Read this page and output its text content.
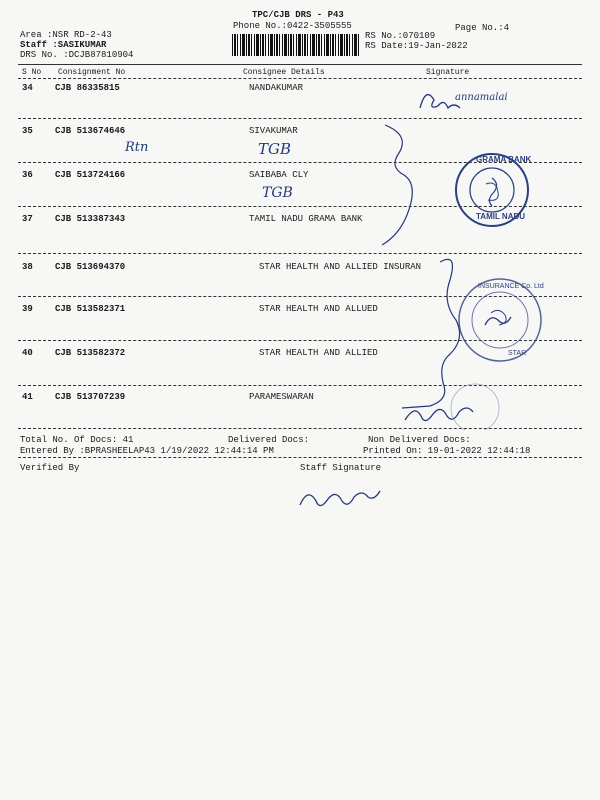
TPC/CJB DRS - P43
Phone No.:0422-3505555	Page No.:4
Area :NSR RD-2-43
Staff :SASIKUMAR
DRS No. :DCJB87810904
RS No.:070109
RS Date:19-Jan-2022
S No Consignment No	Consignee Details	Signature
34 CJB 86335815	NANDAKUMAR
35 CJB 513674646	SIVAKUMAR
36 CJB 513724166	SAIBABA CLY
37 CJB 513387343	TAMIL NADU GRAMA BANK
38 CJB 513694370	STAR HEALTH AND ALLIED INSURAN
39 CJB 513582371	STAR HEALTH AND ALLUED
40 CJB 513582372	STAR HEALTH AND ALLIED
41 CJB 513707239	PARAMESWARAN
Total No. Of Docs: 41	Delivered Docs:	Non Delivered Docs:
Entered By :BPRASHEELAP43 1/19/2022 12:44:14 PM	Printed On: 19-01-2022 12:44:18
Verified By	Staff Signature
annamalai
Rtn	TGB
TGB
GRAMA BANK
TAMIL NADU
INSURANCE Co. Ltd
STAR
